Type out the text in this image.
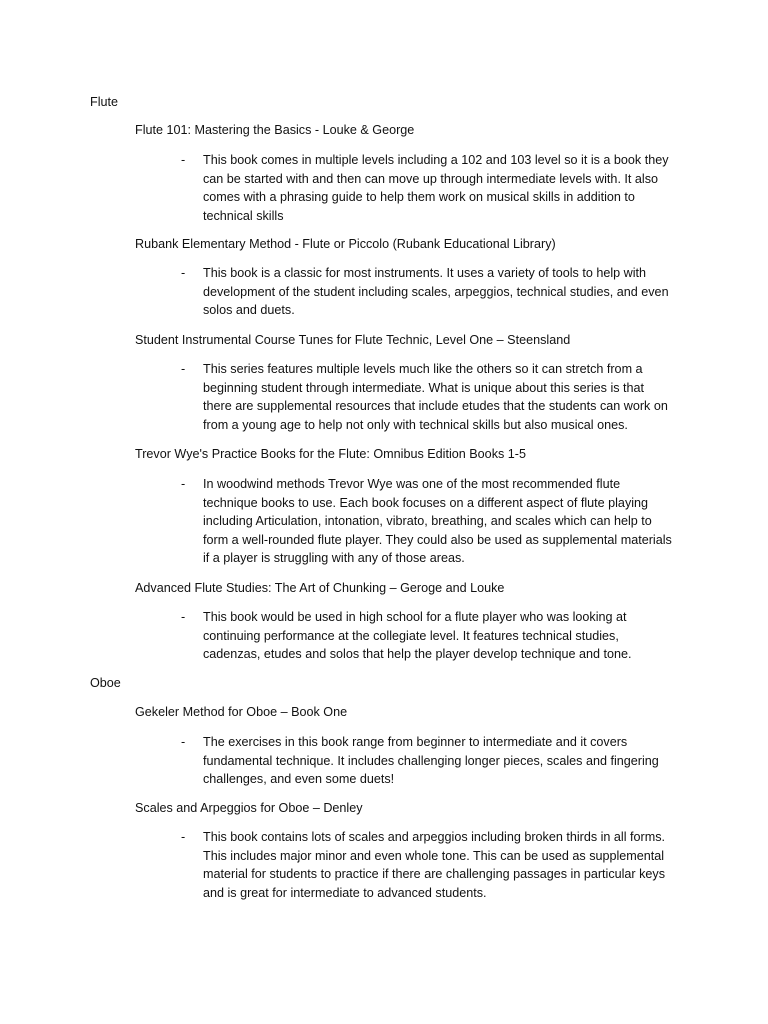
Flute
Flute 101: Mastering the Basics - Louke & George
- This book comes in multiple levels including a 102 and 103 level so it is a book they
can be started with and then can move up through intermediate levels with. It also
comes with a phrasing guide to help them work on musical skills in addition to
technical skills
Rubank Elementary Method - Flute or Piccolo (Rubank Educational Library)
- This book is a classic for most instruments. It uses a variety of tools to help with
development of the student including scales, arpeggios, technical studies, and even
solos and duets.
Student Instrumental Course Tunes for Flute Technic, Level One – Steensland
- This series features multiple levels much like the others so it can stretch from a
beginning student through intermediate. What is unique about this series is that
there are supplemental resources that include etudes that the students can work on
from a young age to help not only with technical skills but also musical ones.
Trevor Wye's Practice Books for the Flute: Omnibus Edition Books 1-5
- In woodwind methods Trevor Wye was one of the most recommended flute
technique books to use. Each book focuses on a different aspect of flute playing
including Articulation, intonation, vibrato, breathing, and scales which can help to
form a well-rounded flute player. They could also be used as supplemental materials
if a player is struggling with any of those areas.
Advanced Flute Studies: The Art of Chunking – Geroge and Louke
- This book would be used in high school for a flute player who was looking at
continuing performance at the collegiate level. It features technical studies,
cadenzas, etudes and solos that help the player develop technique and tone.
Oboe
Gekeler Method for Oboe – Book One
- The exercises in this book range from beginner to intermediate and it covers
fundamental technique. It includes challenging longer pieces, scales and fingering
challenges, and even some duets!
Scales and Arpeggios for Oboe – Denley
- This book contains lots of scales and arpeggios including broken thirds in all forms.
This includes major minor and even whole tone. This can be used as supplemental
material for students to practice if there are challenging passages in particular keys
and is great for intermediate to advanced students.
